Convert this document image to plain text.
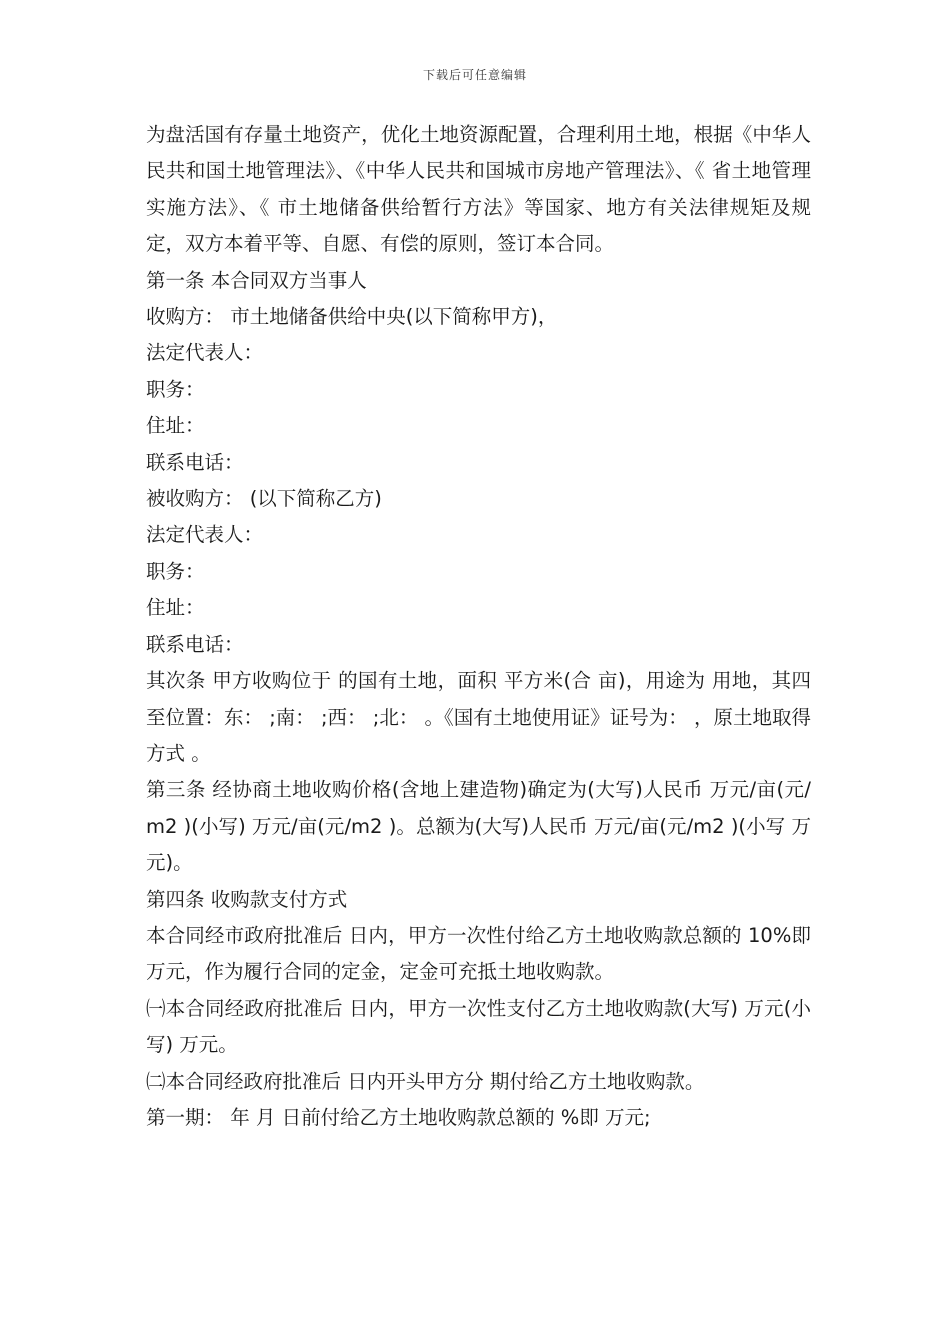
下载后可任意编辑

为盘活国有存量土地资产，优化土地资源配置，合理利用土地，根据《中华人民共和国土地管理法》、《中华人民共和国城市房地产管理法》、《 省土地管理实施方法》、《 市土地储备供给暂行方法》等国家、地方有关法律规矩及规定，双方本着平等、自愿、有偿的原则，签订本合同。

第一条 本合同双方当事人

收购方： 市土地储备供给中央(以下简称甲方)，

法定代表人：

职务：

住址：

联系电话：

被收购方： (以下简称乙方)

法定代表人：

职务：

住址：

联系电话：

其次条 甲方收购位于 的国有土地，面积 平方米(合 亩)，用途为 用地，其四至位置：东： ;南： ;西： ;北： 。《国有土地使用证》证号为： ，原土地取得方式 。

第三条 经协商土地收购价格(含地上建造物)确定为(大写)人民币 万元/亩(元/m2 )(小写) 万元/亩(元/m2 )。总额为(大写)人民币 万元/亩(元/m2 )(小写 万元)。

第四条 收购款支付方式

本合同经市政府批准后 日内，甲方一次性付给乙方土地收购款总额的 10%即 万元，作为履行合同的定金，定金可充抵土地收购款。

㈠本合同经政府批准后 日内，甲方一次性支付乙方土地收购款(大写) 万元(小写) 万元。

㈡本合同经政府批准后 日内开头甲方分 期付给乙方土地收购款。

第一期： 年 月 日前付给乙方土地收购款总额的 %即 万元;
